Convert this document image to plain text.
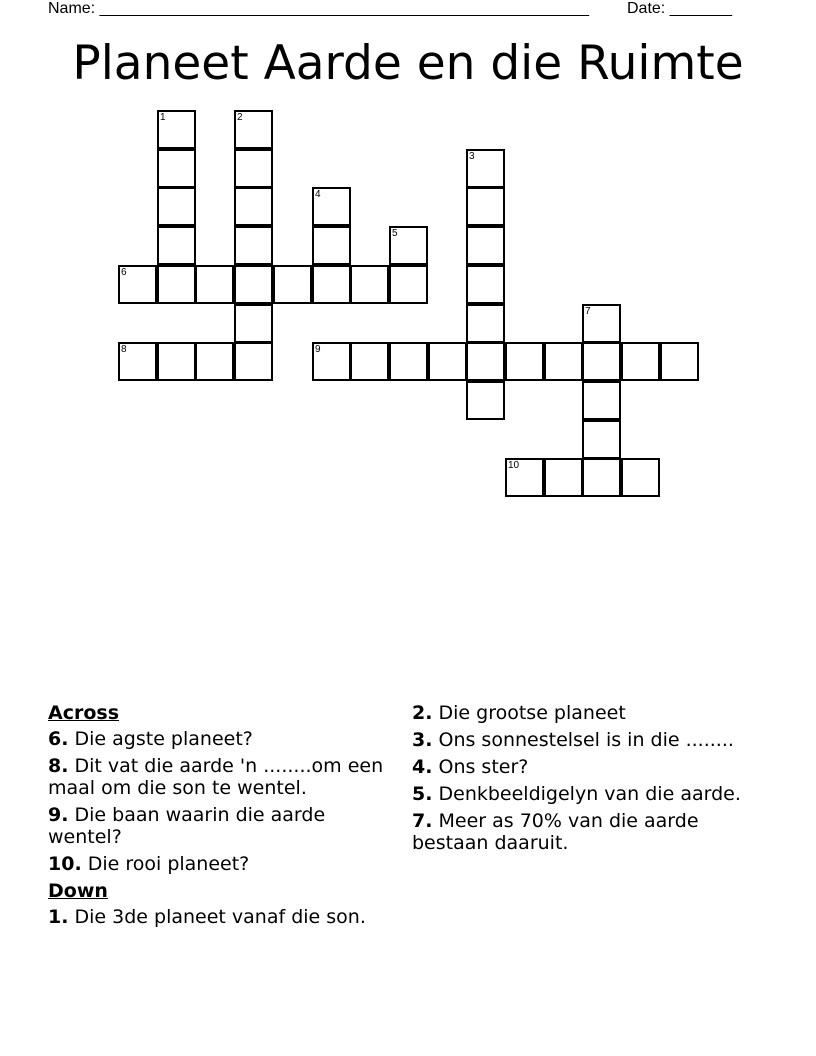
Name: _______________________________________________________ Date: _______
Planeet Aarde en die Ruimte
6
8	9
10
1	2
3
4
5
7
Across
6. Die agste planeet?
8. Dit vat die aarde 'n ........om een maal om die son te wentel.
9. Die baan waarin die aarde wentel?
10. Die rooi planeet?
Down
1. Die 3de planeet vanaf die son.
2. Die grootse planeet
3. Ons sonnestelsel is in die ........
4. Ons ster?
5. Denkbeeldigelyn van die aarde.
7. Meer as 70% van die aarde bestaan daaruit.
